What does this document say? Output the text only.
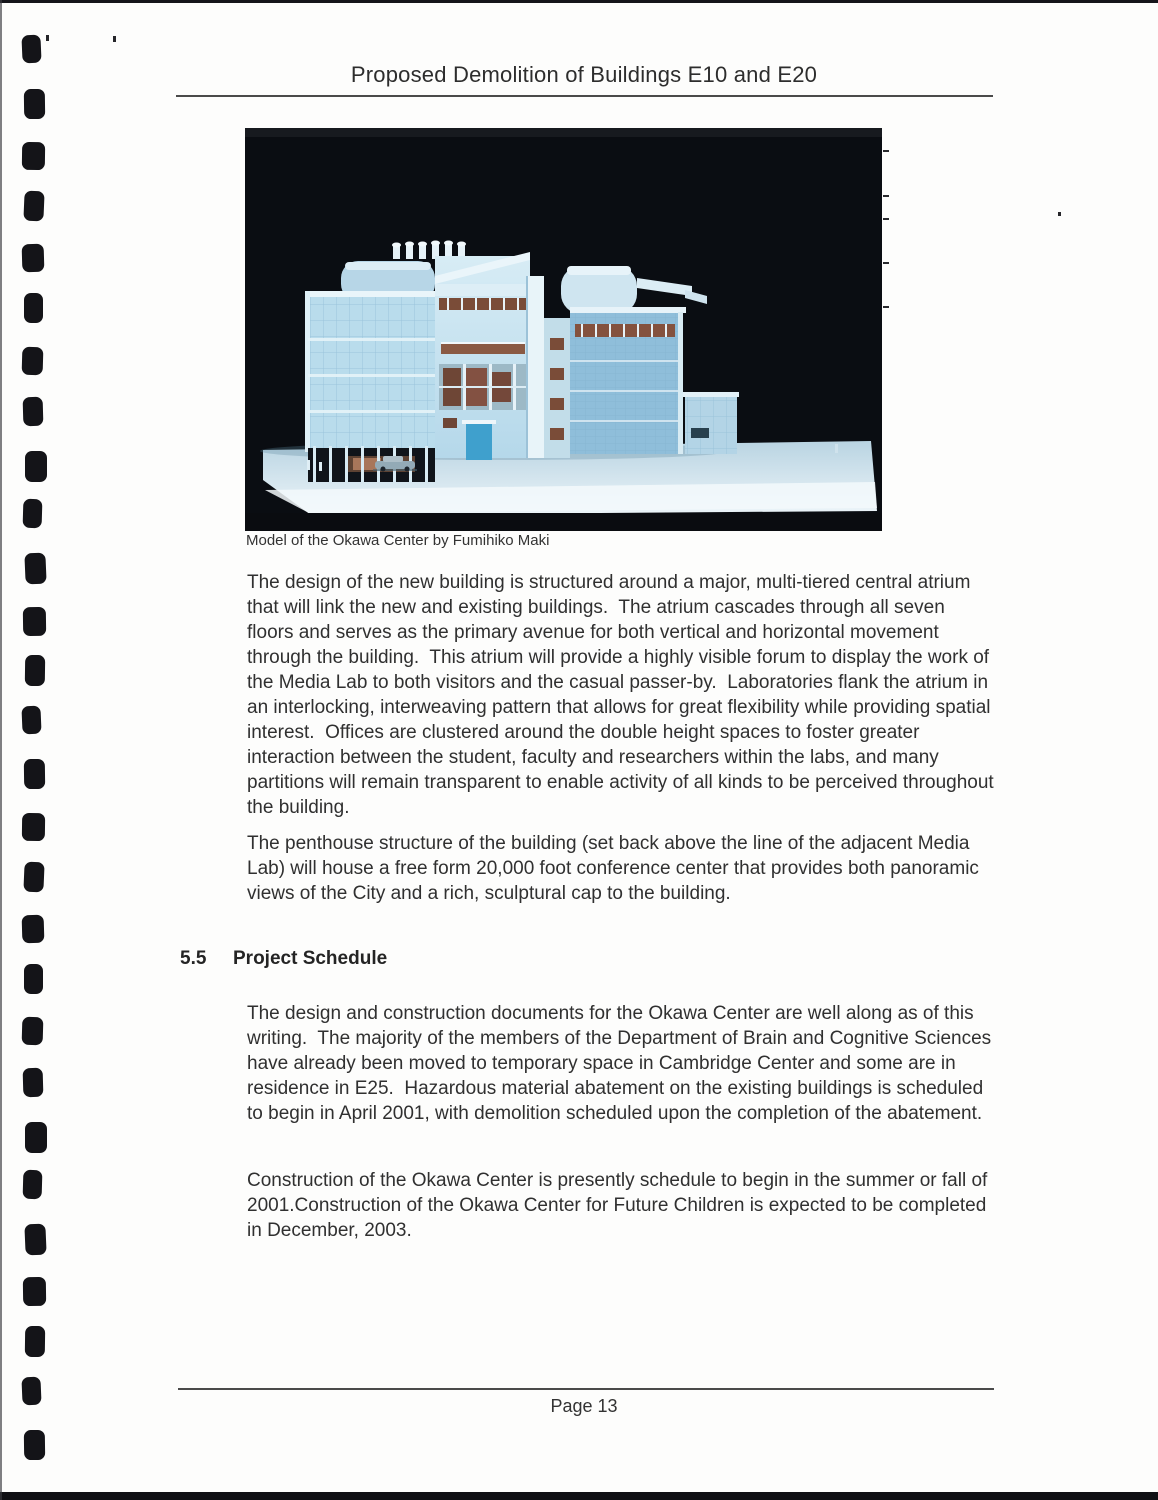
Proposed Demolition of Buildings E10 and E20
Model of the Okawa Center by Fumihiko Maki
The design of the new building is structured around a major, multi-tiered central atrium that will link the new and existing buildings.  The atrium cascades through all seven floors and serves as the primary avenue for both vertical and horizontal movement through the building.  This atrium will provide a highly visible forum to display the work of the Media Lab to both visitors and the casual passer-by.  Laboratories flank the atrium in an interlocking, interweaving pattern that allows for great flexibility while providing spatial interest.  Offices are clustered around the double height spaces to foster greater interaction between the student, faculty and researchers within the labs, and many partitions will remain transparent to enable activity of all kinds to be perceived throughout the building.
The penthouse structure of the building (set back above the line of the adjacent Media Lab) will house a free form 20,000 foot conference center that provides both panoramic views of the City and a rich, sculptural cap to the building.
5.5 Project Schedule
The design and construction documents for the Okawa Center are well along as of this writing.  The majority of the members of the Department of Brain and Cognitive Sciences have already been moved to temporary space in Cambridge Center and some are in residence in E25.  Hazardous material abatement on the existing buildings is scheduled to begin in April 2001, with demolition scheduled upon the completion of the abatement.
Construction of the Okawa Center is presently schedule to begin in the summer or fall of 2001.Construction of the Okawa Center for Future Children is expected to be completed in December, 2003.
Page 13
